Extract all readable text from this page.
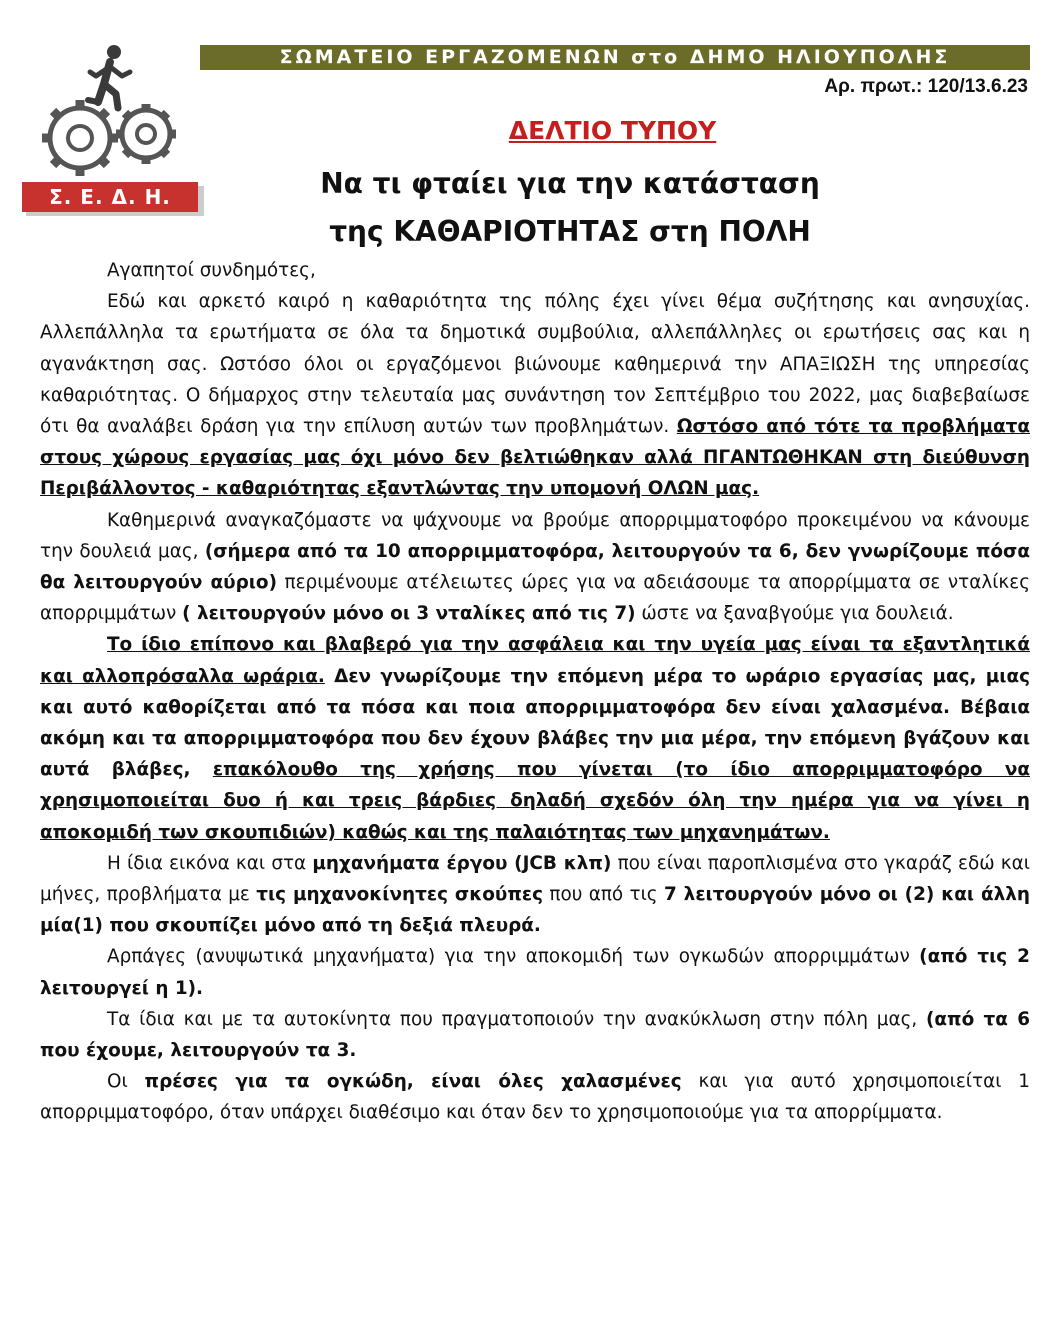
Σ. Ε. Δ. Η.
ΣΩΜΑΤΕΙΟ ΕΡΓΑΖΟΜΕΝΩΝ στο ΔΗΜΟ ΗΛΙΟΥΠΟΛΗΣ
Αρ. πρωτ.: 120/13.6.23
ΔΕΛΤΙΟ ΤΥΠΟΥ
Να τι φταίει για την κατάσταση
της ΚΑΘΑΡΙΟΤΗΤΑΣ στη ΠΟΛΗ

Αγαπητοί συνδημότες,

Εδώ και αρκετό καιρό η καθαριότητα της πόλης έχει γίνει θέμα συζήτησης και ανησυχίας. Αλλεπάλληλα τα ερωτήματα σε όλα τα δημοτικά συμβούλια, αλλεπάλληλες οι ερωτήσεις σας και η αγανάκτηση σας. Ωστόσο όλοι οι εργαζόμενοι βιώνουμε καθημερινά την ΑΠΑΞΙΩΣΗ της υπηρεσίας καθαριότητας. Ο δήμαρχος στην τελευταία μας συνάντηση τον Σεπτέμβριο του 2022, μας διαβεβαίωσε ότι θα αναλάβει δράση για την επίλυση αυτών των προβλημάτων. Ωστόσο από τότε τα προβλήματα στους χώρους εργασίας μας όχι μόνο δεν βελτιώθηκαν αλλά ΠΓΑΝΤΩΘΗΚΑΝ στη διεύθυνση Περιβάλλοντος - καθαριότητας εξαντλώντας την υπομονή ΟΛΩΝ μας.

Καθημερινά αναγκαζόμαστε να ψάχνουμε να βρούμε απορριμματοφόρο προκειμένου να κάνουμε την δουλειά μας, (σήμερα από τα 10 απορριμματοφόρα, λειτουργούν τα 6, δεν γνωρίζουμε πόσα θα λειτουργούν αύριο) περιμένουμε ατέλειωτες ώρες για να αδειάσουμε τα απορρίμματα σε νταλίκες απορριμμάτων ( λειτουργούν μόνο οι 3 νταλίκες από τις 7) ώστε να ξαναβγούμε για δουλειά.

Το ίδιο επίπονο και βλαβερό για την ασφάλεια και την υγεία μας είναι τα εξαντλητικά και αλλοπρόσαλλα ωράρια. Δεν γνωρίζουμε την επόμενη μέρα το ωράριο εργασίας μας, μιας και αυτό καθορίζεται από τα πόσα και ποια απορριμματοφόρα δεν είναι χαλασμένα. Βέβαια ακόμη και τα απορριμματοφόρα που δεν έχουν βλάβες την μια μέρα, την επόμενη βγάζουν και αυτά βλάβες, επακόλουθο της χρήσης που γίνεται (το ίδιο απορριμματοφόρο να χρησιμοποιείται δυο ή και τρεις βάρδιες δηλαδή σχεδόν όλη την ημέρα για να γίνει η αποκομιδή των σκουπιδιών) καθώς και της παλαιότητας των μηχανημάτων.

Η ίδια εικόνα και στα μηχανήματα έργου (JCB κλπ) που είναι παροπλισμένα στο γκαράζ εδώ και μήνες, προβλήματα με τις μηχανοκίνητες σκούπες που από τις 7 λειτουργούν μόνο οι (2) και άλλη μία(1) που σκουπίζει μόνο από τη δεξιά πλευρά.

Αρπάγες (ανυψωτικά μηχανήματα) για την αποκομιδή των ογκωδών απορριμμάτων (από τις 2 λειτουργεί η 1).

Τα ίδια και με τα αυτοκίνητα που πραγματοποιούν την ανακύκλωση στην πόλη μας, (από τα 6 που έχουμε, λειτουργούν τα 3.

Οι πρέσες για τα ογκώδη, είναι όλες χαλασμένες και για αυτό χρησιμοποιείται 1 απορριμματοφόρο, όταν υπάρχει διαθέσιμο και όταν δεν το χρησιμοποιούμε για τα απορρίμματα.
